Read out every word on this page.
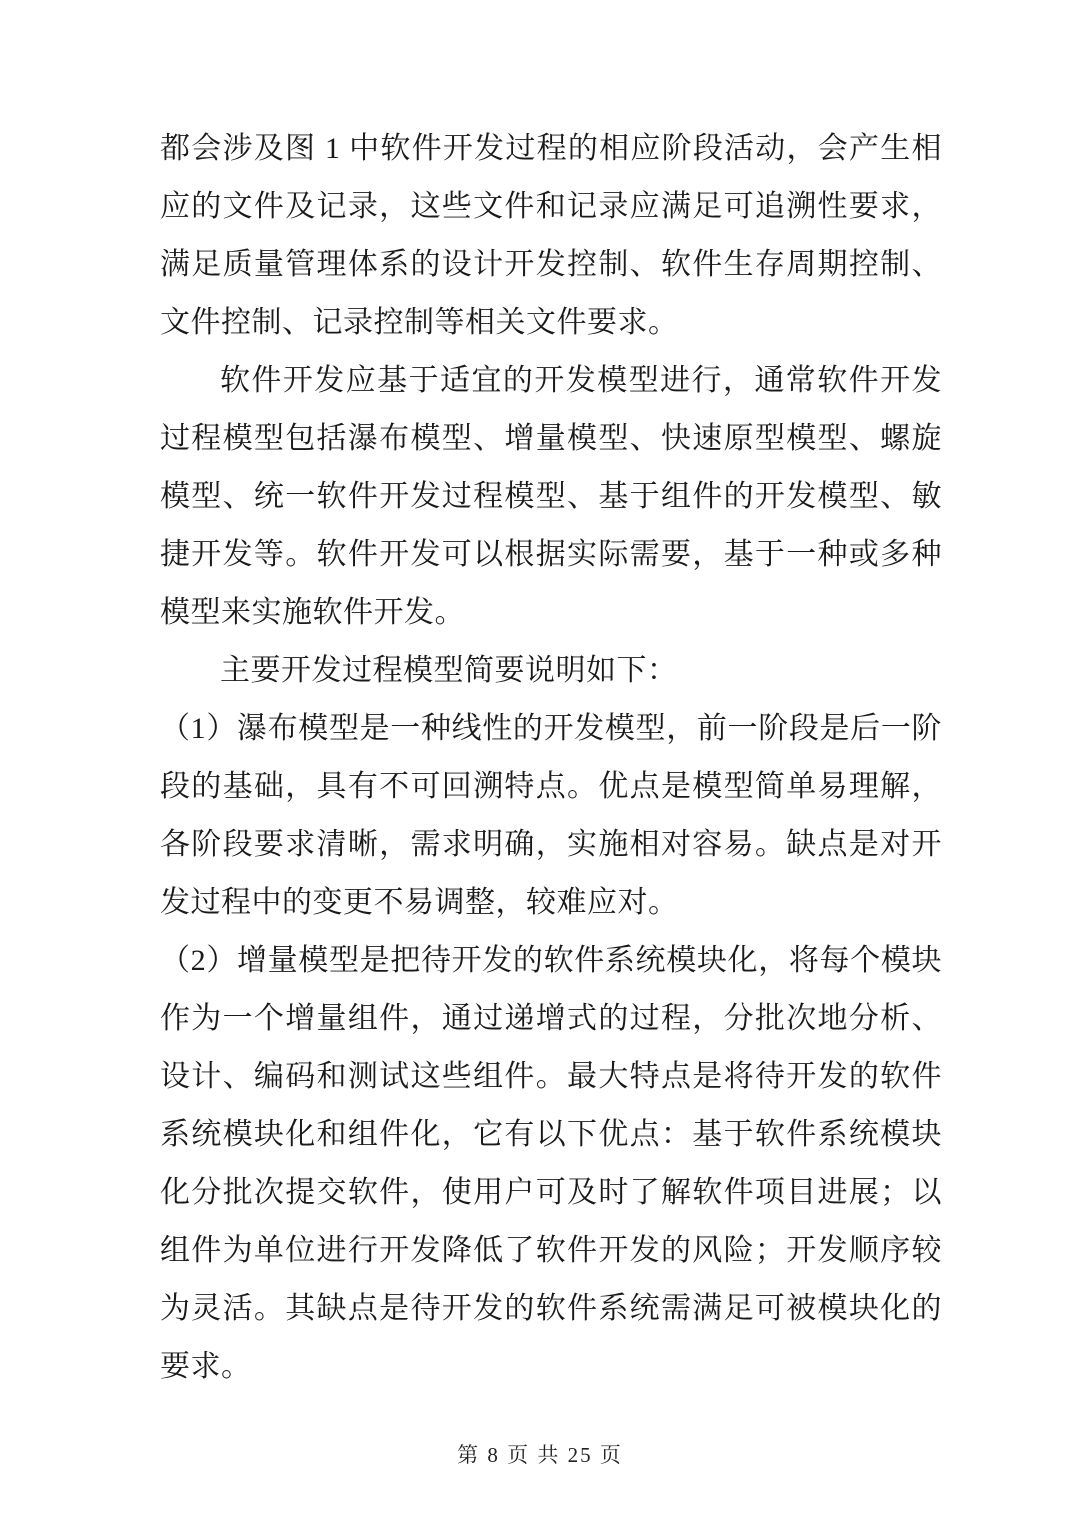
都会涉及图 1 中软件开发过程的相应阶段活动，会产生相应的文件及记录，这些文件和记录应满足可追溯性要求，满足质量管理体系的设计开发控制、软件生存周期控制、文件控制、记录控制等相关文件要求。

软件开发应基于适宜的开发模型进行，通常软件开发过程模型包括瀑布模型、增量模型、快速原型模型、螺旋模型、统一软件开发过程模型、基于组件的开发模型、敏捷开发等。软件开发可以根据实际需要，基于一种或多种模型来实施软件开发。

主要开发过程模型简要说明如下：

（1）瀑布模型是一种线性的开发模型，前一阶段是后一阶段的基础，具有不可回溯特点。优点是模型简单易理解，各阶段要求清晰，需求明确，实施相对容易。缺点是对开发过程中的变更不易调整，较难应对。

（2）增量模型是把待开发的软件系统模块化，将每个模块作为一个增量组件，通过递增式的过程，分批次地分析、设计、编码和测试这些组件。最大特点是将待开发的软件系统模块化和组件化，它有以下优点：基于软件系统模块化分批次提交软件，使用户可及时了解软件项目进展；以组件为单位进行开发降低了软件开发的风险；开发顺序较为灵活。其缺点是待开发的软件系统需满足可被模块化的要求。

第 8 页 共 25 页
